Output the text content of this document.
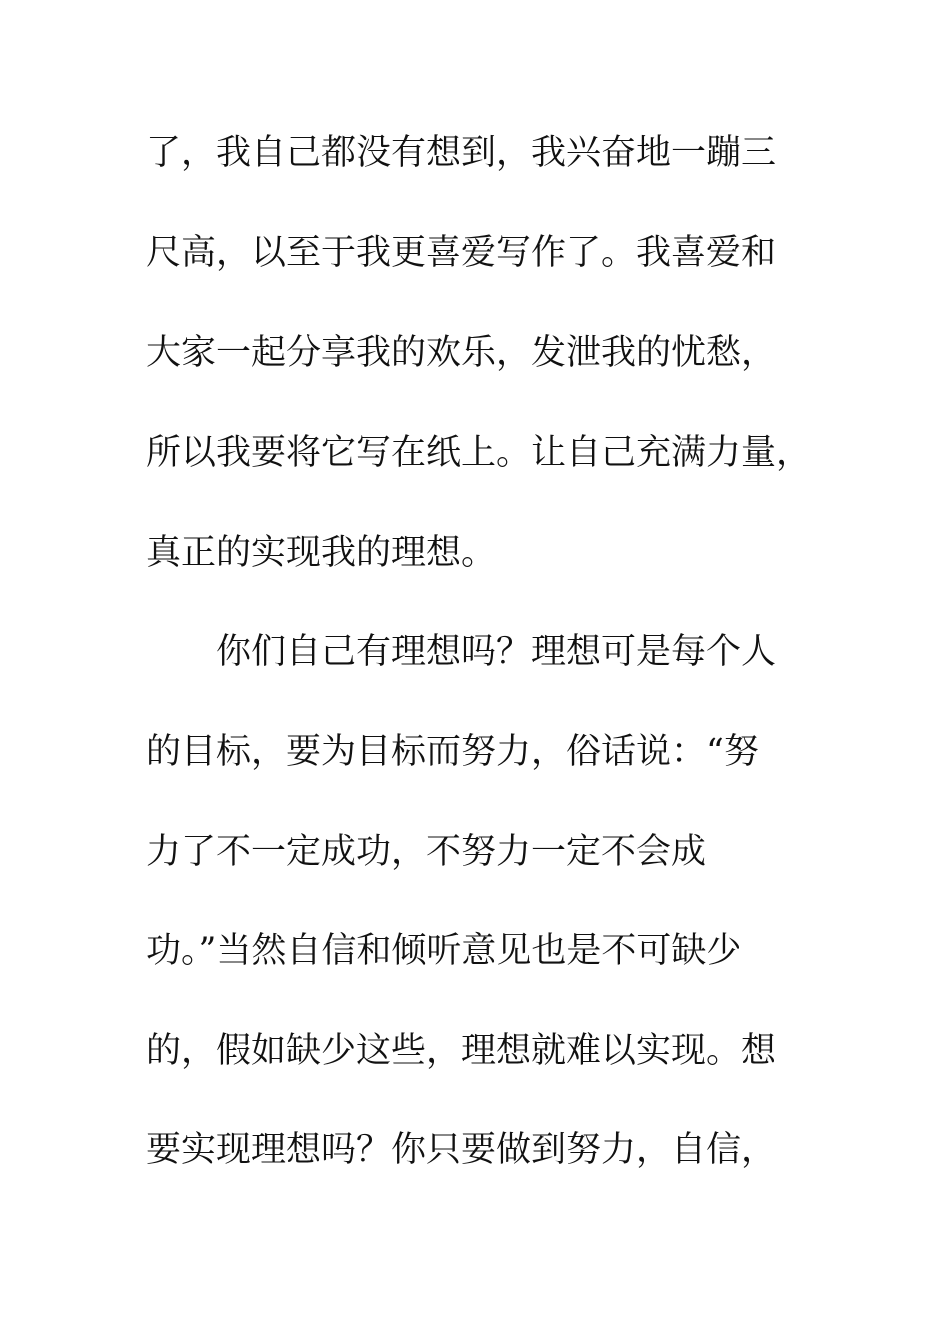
了，我自己都没有想到，我兴奋地一蹦三
尺高，以至于我更喜爱写作了。我喜爱和
大家一起分享我的欢乐，发泄我的忧愁，
所以我要将它写在纸上。让自己充满力量，
真正的实现我的理想。
你们自己有理想吗？理想可是每个人
的目标，要为目标而努力，俗话说：“努
力了不一定成功，不努力一定不会成
功。”当然自信和倾听意见也是不可缺少
的，假如缺少这些，理想就难以实现。想
要实现理想吗？你只要做到努力，自信，
